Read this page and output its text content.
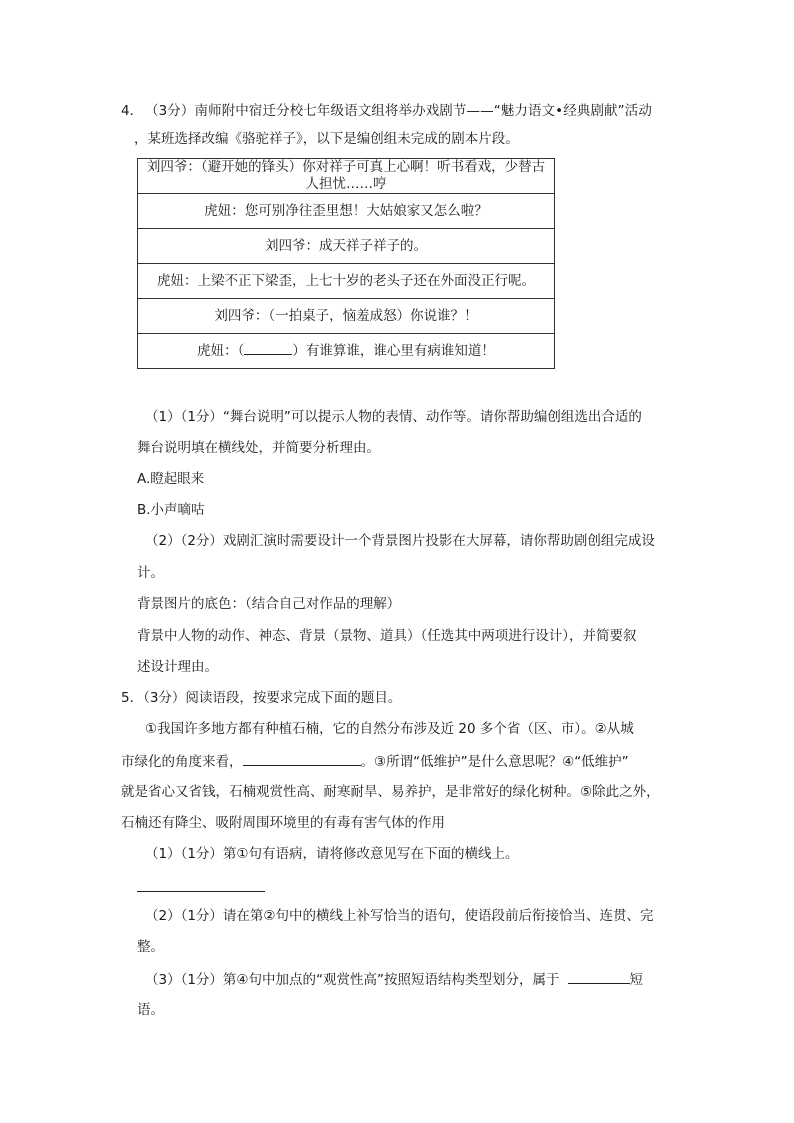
4． （3分）南师附中宿迁分校七年级语文组将举办戏剧节——“魅力语文•经典剧献”活动
，某班选择改编《骆驼祥子》，以下是编创组未完成的剧本片段。
刘四爷：（避开她的锋头）你对祥子可真上心啊！听书看戏，少替古
人担忧……哼

虎妞：您可别净往歪里想！大姑娘家又怎么啦？
刘四爷：成天祥子祥子的。
虎妞：上梁不正下梁歪，上七十岁的老头子还在外面没正行呢。
刘四爷：（一拍桌子，恼羞成怒）你说谁？！
虎妞：（	）有谁算谁，谁心里有病谁知道！
（1）（1分）“舞台说明”可以提示人物的表情、动作等。请你帮助编创组选出合适的
舞台说明填在横线处，并简要分析理由。
A.瞪起眼来
B.小声嘀咕
（2）（2分）戏剧汇演时需要设计一个背景图片投影在大屏幕，请你帮助剧创组完成设
计。
背景图片的底色：（结合自己对作品的理解）
背景中人物的动作、神态、背景（景物、道具）（任选其中两项进行设计），并简要叙
述设计理由。
5．（3分）阅读语段，按要求完成下面的题目。
①我国许多地方都有种植石楠，它的自然分布涉及近 20 多个省（区、市）。②从城
市绿化的角度来看，	。③所谓“低维护”是什么意思呢？④“低维护”
就是省心又省钱，石楠观赏性高、耐寒耐旱、易养护，是非常好的绿化树种。⑤除此之外，
石楠还有降尘、吸附周围环境里的有毒有害气体的作用
（1）（1分）第①句有语病，请将修改意见写在下面的横线上。
（2）（1分）请在第②句中的横线上补写恰当的语句，使语段前后衔接恰当、连贯、完
整。
（3）（1分）第④句中加点的“观赏性高”按照短语结构类型划分，属于	短
语。
